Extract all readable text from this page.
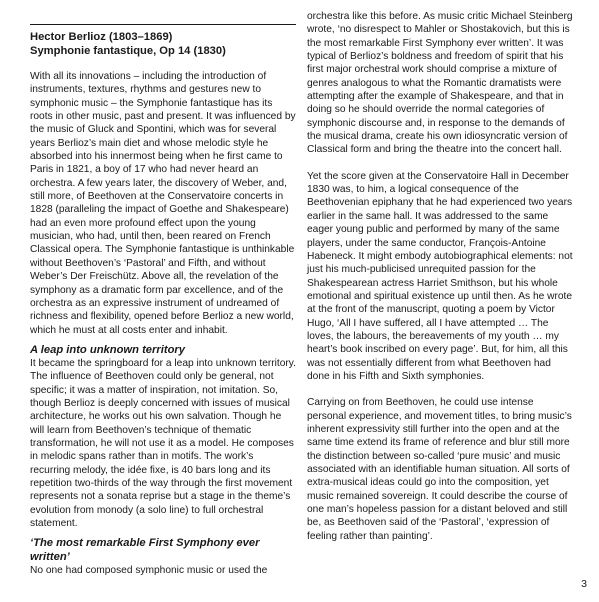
Hector Berlioz (1803–1869)

Symphonie fantastique, Op 14 (1830)

With all its innovations – including the introduction of instruments, textures, rhythms and gestures new to symphonic music – the Symphonie fantastique has its roots in other music, past and present. It was influenced by the music of Gluck and Spontini, which was for several years Berlioz’s main diet and whose melodic style he absorbed into his innermost being when he first came to Paris in 1821, a boy of 17 who had never heard an orchestra. A few years later, the discovery of Weber, and, still more, of Beethoven at the Conservatoire concerts in 1828 (paralleling the impact of Goethe and Shakespeare) had an even more profound effect upon the young musician, who had, until then, been reared on French Classical opera. The Symphonie fantastique is unthinkable without Beethoven’s ‘Pastoral’ and Fifth, and without Weber’s Der Freischütz. Above all, the revelation of the symphony as a dramatic form par excellence, and of the orchestra as an expressive instrument of undreamed of richness and flexibility, opened before Berlioz a new world, which he must at all costs enter and inhabit.

A leap into unknown territory

It became the springboard for a leap into unknown territory. The influence of Beethoven could only be general, not specific; it was a matter of inspiration, not imitation. So, though Berlioz is deeply concerned with issues of musical architecture, he works out his own salvation. Though he will learn from Beethoven’s technique of thematic transformation, he will not use it as a model. He composes in melodic spans rather than in motifs. The work’s recurring melody, the idée fixe, is 40 bars long and its repetition two-thirds of the way through the first movement represents not a sonata reprise but a stage in the theme’s evolution from monody (a solo line) to full orchestral statement.

‘The most remarkable First Symphony ever written’

No one had composed symphonic music or used the

orchestra like this before. As music critic Michael Steinberg wrote, ‘no disrespect to Mahler or Shostakovich, but this is the most remarkable First Symphony ever written’. It was typical of Berlioz’s boldness and freedom of spirit that his first major orchestral work should comprise a mixture of genres analogous to what the Romantic dramatists were attempting after the example of Shakespeare, and that in doing so he should override the normal categories of symphonic discourse and, in response to the demands of the musical drama, create his own idiosyncratic version of Classical form and bring the theatre into the concert hall.

Yet the score given at the Conservatoire Hall in December 1830 was, to him, a logical consequence of the Beethovenian epiphany that he had experienced two years earlier in the same hall. It was addressed to the same eager young public and performed by many of the same players, under the same conductor, François-Antoine Habeneck. It might embody autobiographical elements: not just his much-publicised unrequited passion for the Shakespearean actress Harriet Smithson, but his whole emotional and spiritual existence up until then. As he wrote at the front of the manuscript, quoting a poem by Victor Hugo, ‘All I have suffered, all I have attempted … The loves, the labours, the bereavements of my youth … my heart’s book inscribed on every page’. But, for him, all this was not essentially different from what Beethoven had done in his Fifth and Sixth symphonies.

Carrying on from Beethoven, he could use intense personal experience, and movement titles, to bring music’s inherent expressivity still further into the open and at the same time extend its frame of reference and blur still more the distinction between so-called ‘pure music’ and music associated with an identifiable human situation. All sorts of extra-musical ideas could go into the composition, yet music remained sovereign. It could describe the course of one man’s hopeless passion for a distant beloved and still be, as Beethoven said of the ‘Pastoral’, ‘expression of feeling rather than painting’.

3
